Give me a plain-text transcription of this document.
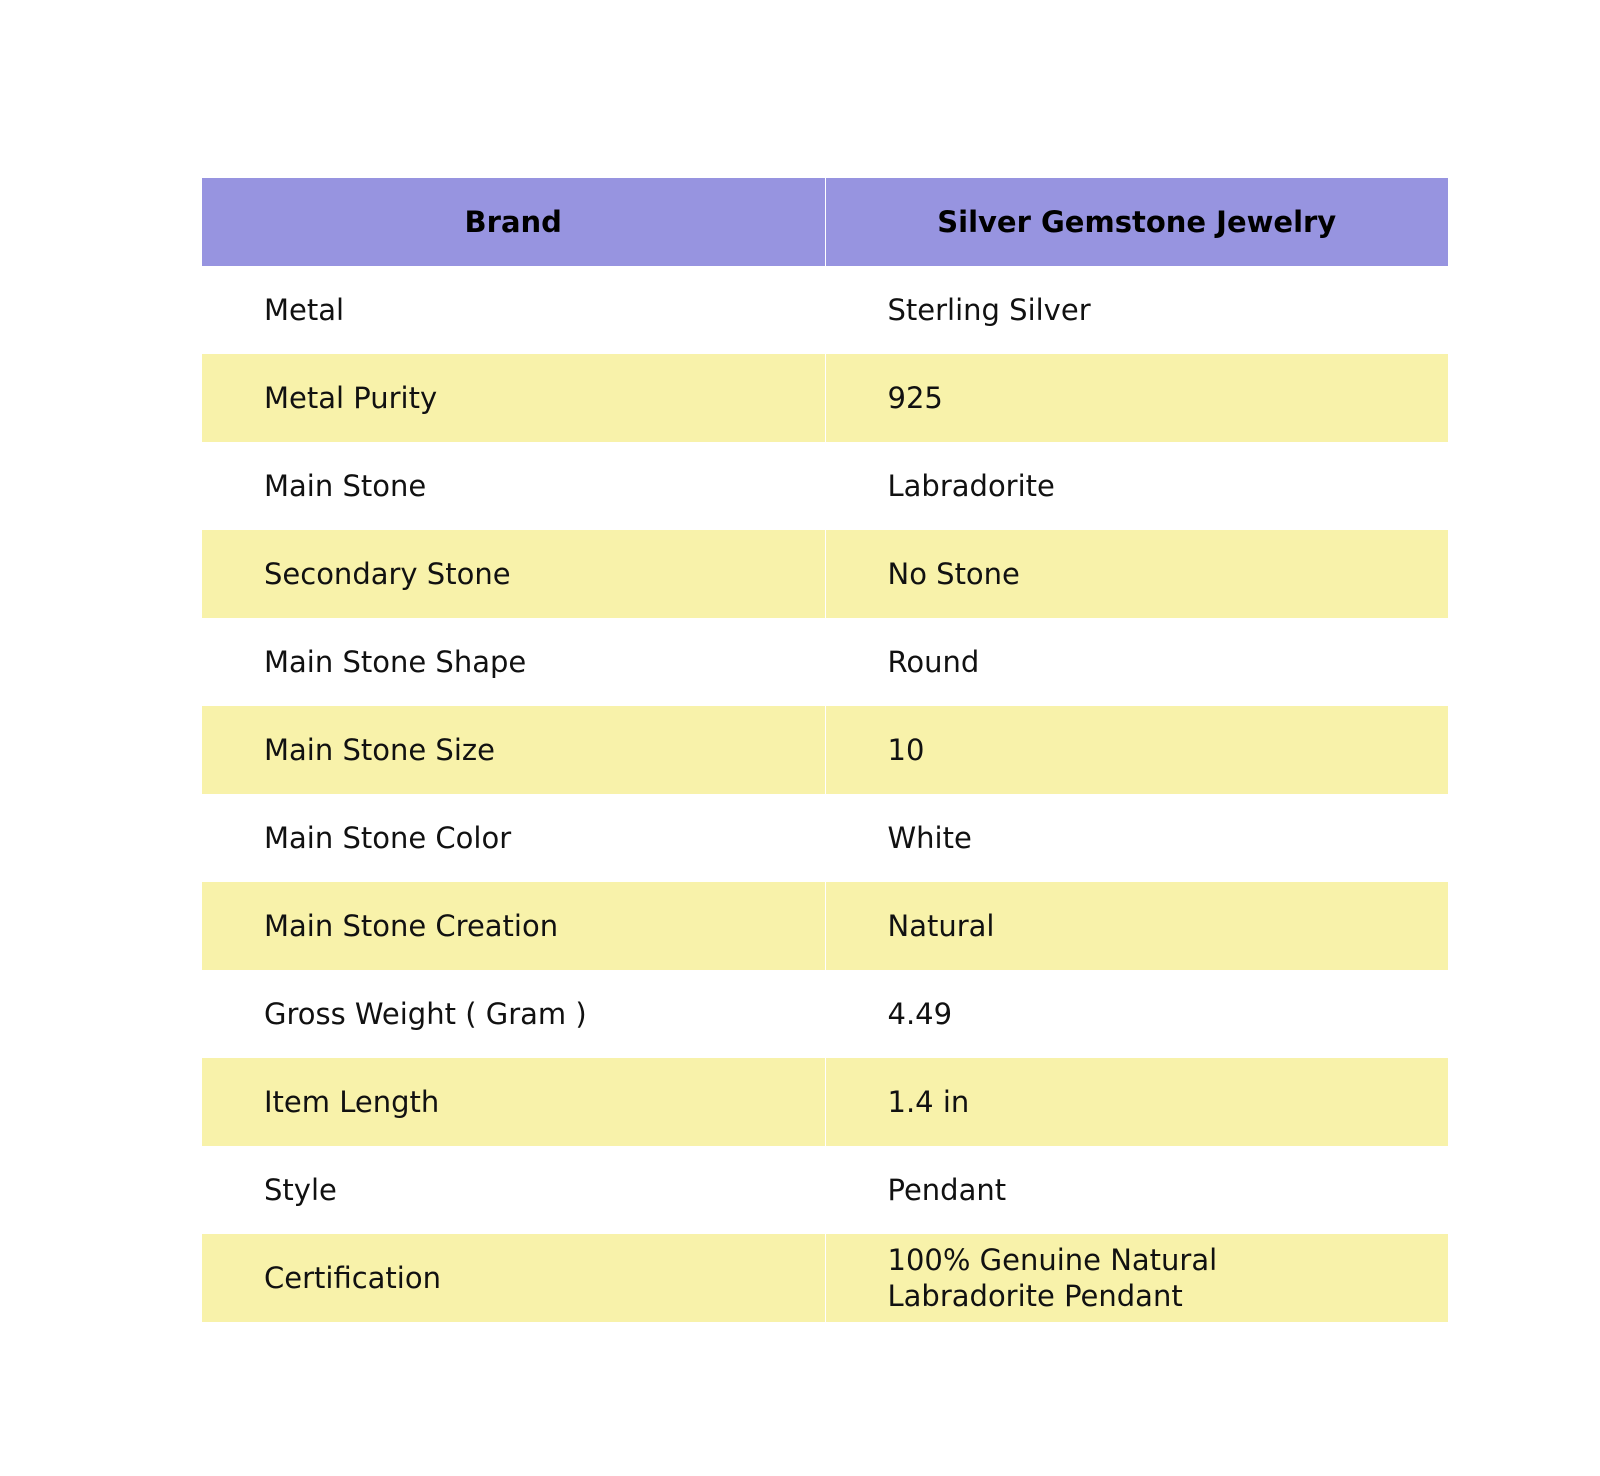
Brand	Silver Gemstone Jewelry
Metal	Sterling Silver

Metal Purity	925

Main Stone	Labradorite

Secondary Stone	No Stone

Main Stone Shape	Round

Main Stone Size	10

Main Stone Color	White

Main Stone Creation	Natural

Gross Weight ( Gram )	4.49

Item Length	1.4 in

Style	Pendant

Certification	100% Genuine Natural Labradorite Pendant
